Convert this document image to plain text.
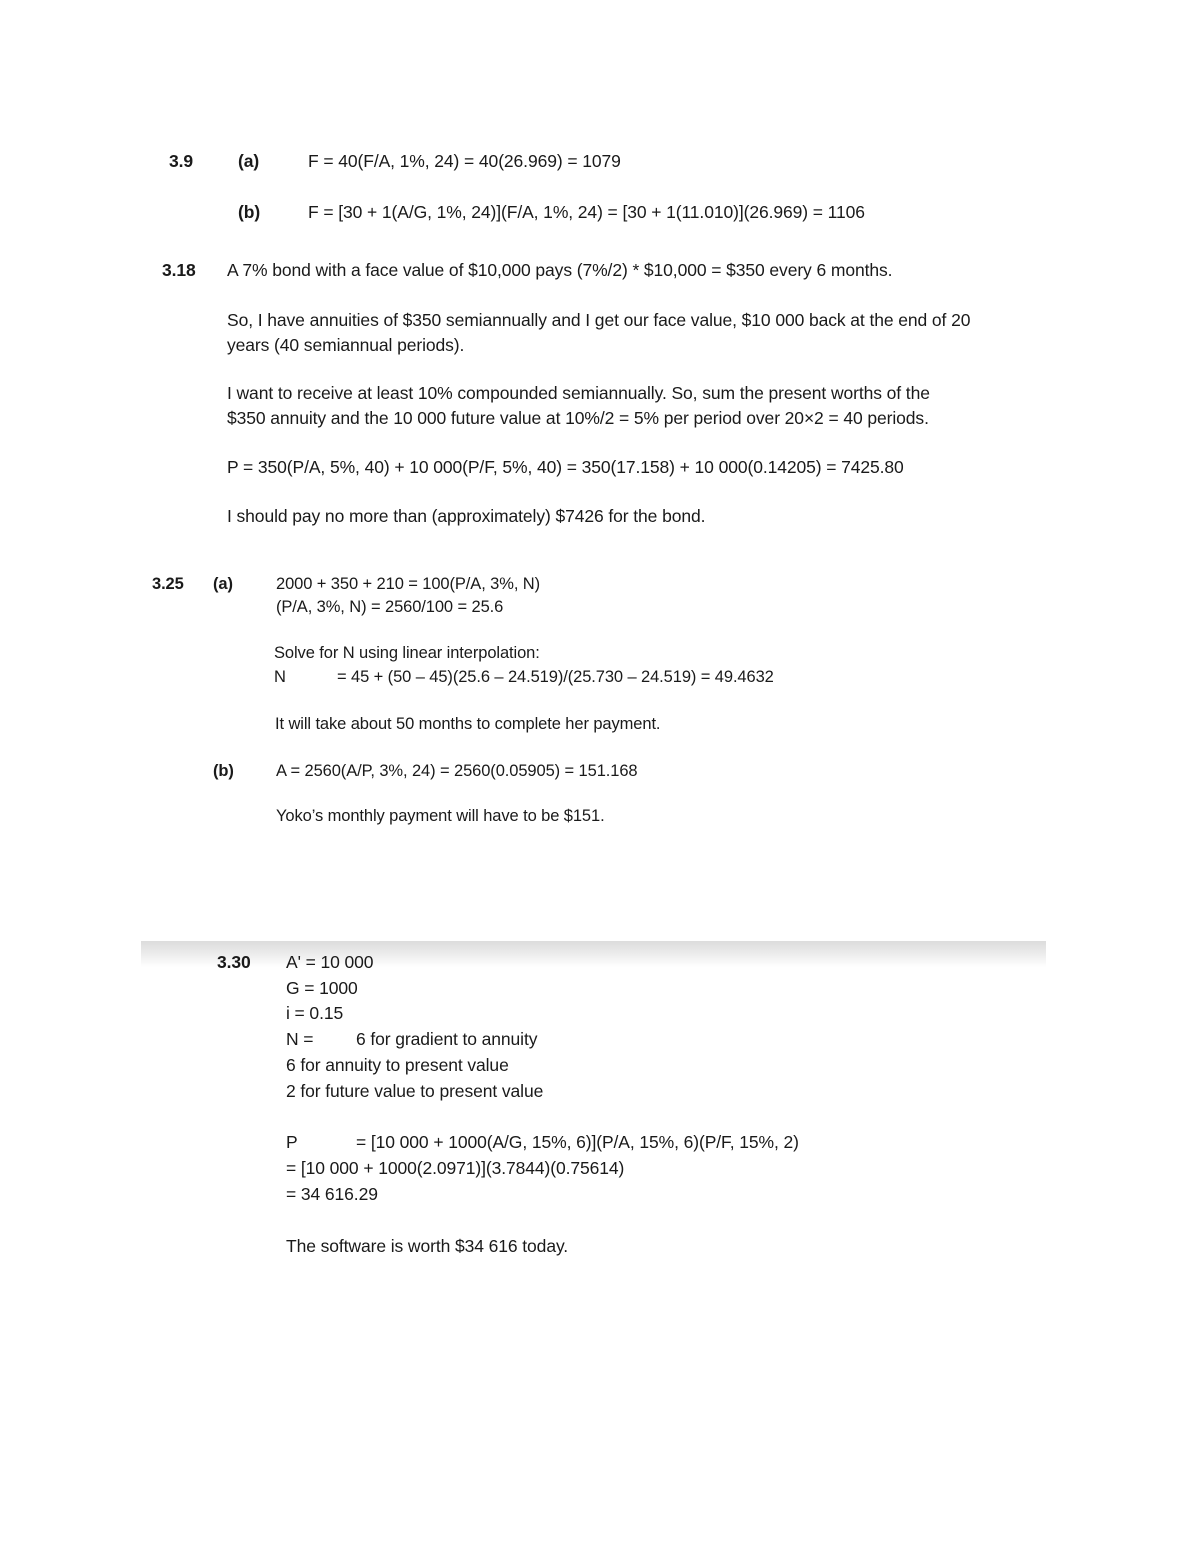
3.9	(a)	F = 40(F/A, 1%, 24) = 40(26.969) = 1079
(b)	F = [30 + 1(A/G, 1%, 24)](F/A, 1%, 24) = [30 + 1(11.010)](26.969) = 1106
3.18 A 7% bond with a face value of $10,000 pays (7%/2) * $10,000 = $350 every 6 months.
So, I have annuities of $350 semiannually and I get our face value, $10 000 back at the end of 20
years (40 semiannual periods).
I want to receive at least 10% compounded semiannually. So, sum the present worths of the
$350 annuity and the 10 000 future value at 10%/2 = 5% per period over 20×2 = 40 periods.
P = 350(P/A, 5%, 40) + 10 000(P/F, 5%, 40) = 350(17.158) + 10 000(0.14205) = 7425.80
I should pay no more than (approximately) $7426 for the bond.
3.25 (a)	2000 + 350 + 210 = 100(P/A, 3%, N)
(P/A, 3%, N) = 2560/100 = 25.6
Solve for N using linear interpolation:
N	= 45 + (50 – 45)(25.6 – 24.519)/(25.730 – 24.519) = 49.4632
It will take about 50 months to complete her payment.
(b)	A = 2560(A/P, 3%, 24) = 2560(0.05905) = 151.168
Yoko’s monthly payment will have to be $151.
3.30 A' = 10 000
G = 1000
i = 0.15
N = 6 for gradient to annuity
6 for annuity to present value
2 for future value to present value
P	= [10 000 + 1000(A/G, 15%, 6)](P/A, 15%, 6)(P/F, 15%, 2)
= [10 000 + 1000(2.0971)](3.7844)(0.75614)
= 34 616.29
The software is worth $34 616 today.
